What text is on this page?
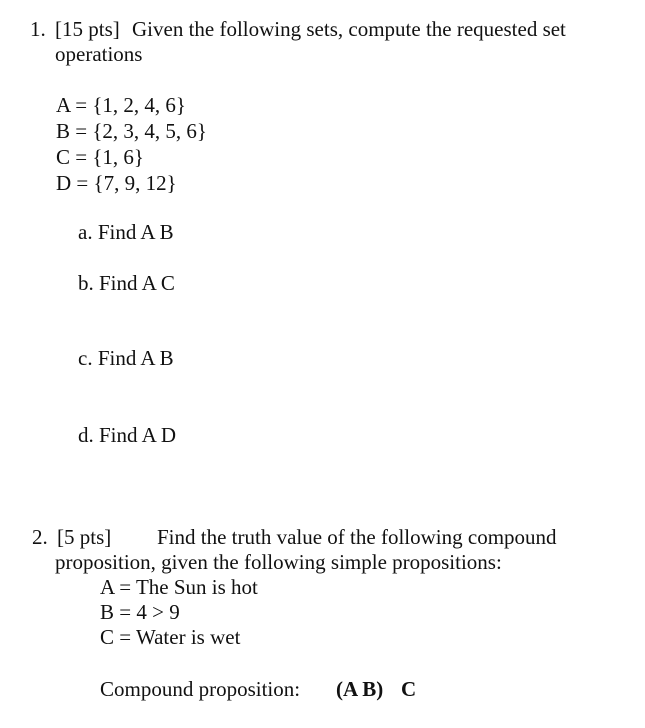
1. [15 pts] Given the following sets, compute the requested set
operations
A = {1, 2, 4, 6}
B = {2, 3, 4, 5, 6}
C = {1, 6}
D = {7, 9, 12}
a. Find A B
b. Find A C
c. Find A B
d. Find A D
2. [5 pts] Find the truth value of the following compound
proposition, given the following simple propositions:
A = The Sun is hot
B = 4 > 9
C = Water is wet
Compound proposition: (A B) C
